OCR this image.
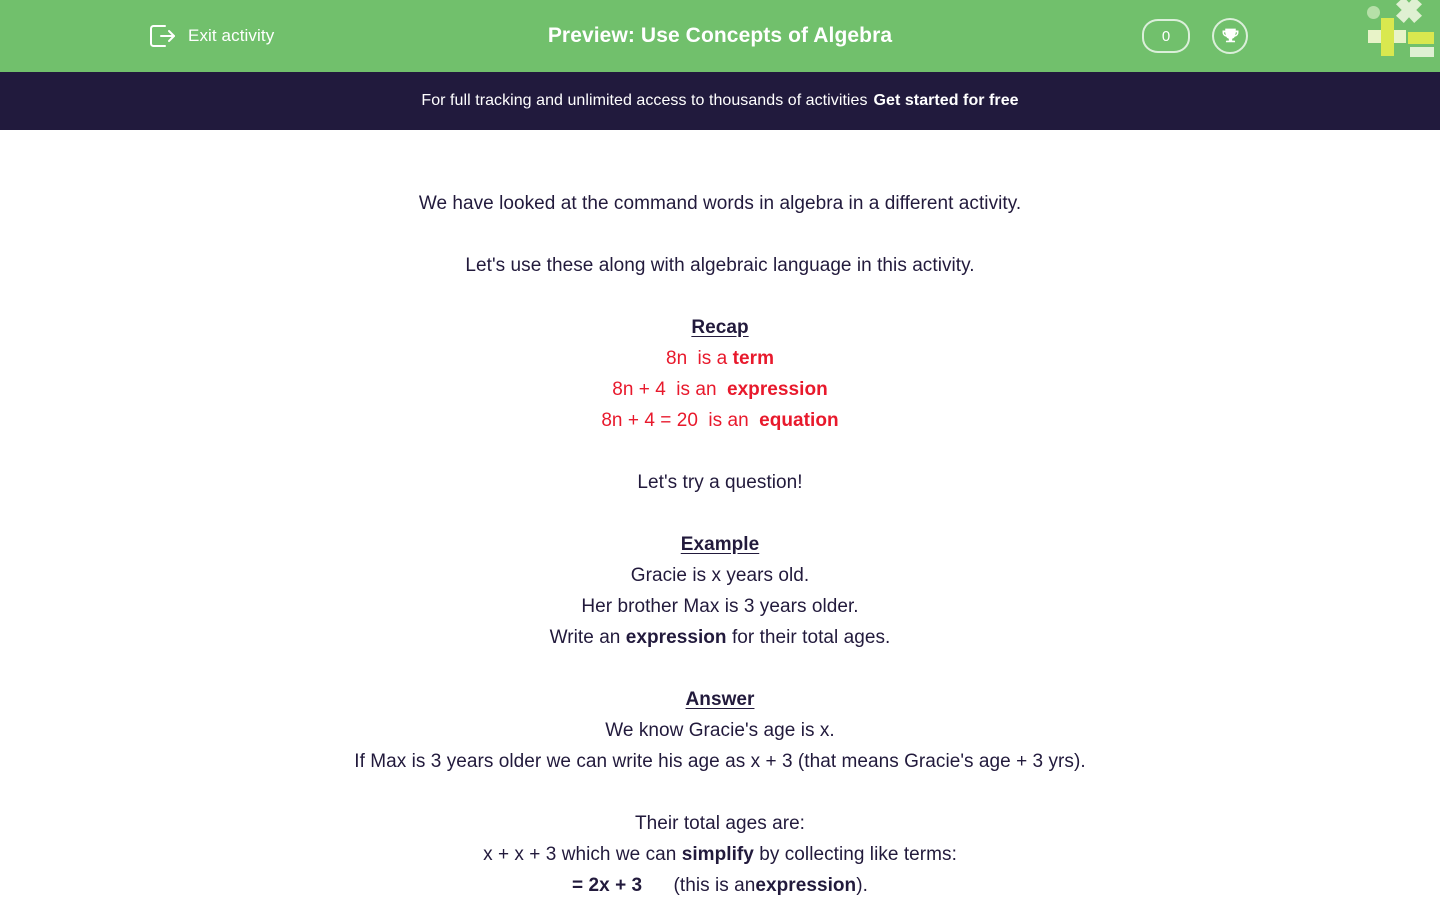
Exit activity	Preview: Use Concepts of Algebra	0
For full tracking and unlimited access to thousands of activities Get started for free
We have looked at the command words in algebra in a different activity.
Let's use these along with algebraic language in this activity.
Recap
8n is a term
8n + 4 is an expression
8n + 4 = 20 is an equation
Let's try a question!
Example
Gracie is x years old.
Her brother Max is 3 years older.
Write an expression for their total ages.
Answer
We know Gracie's age is x.
If Max is 3 years older we can write his age as x + 3 (that means Gracie's age + 3 yrs).
Their total ages are:
x + x + 3 which we can simplify by collecting like terms:
= 2x + 3 (this is anexpression).
